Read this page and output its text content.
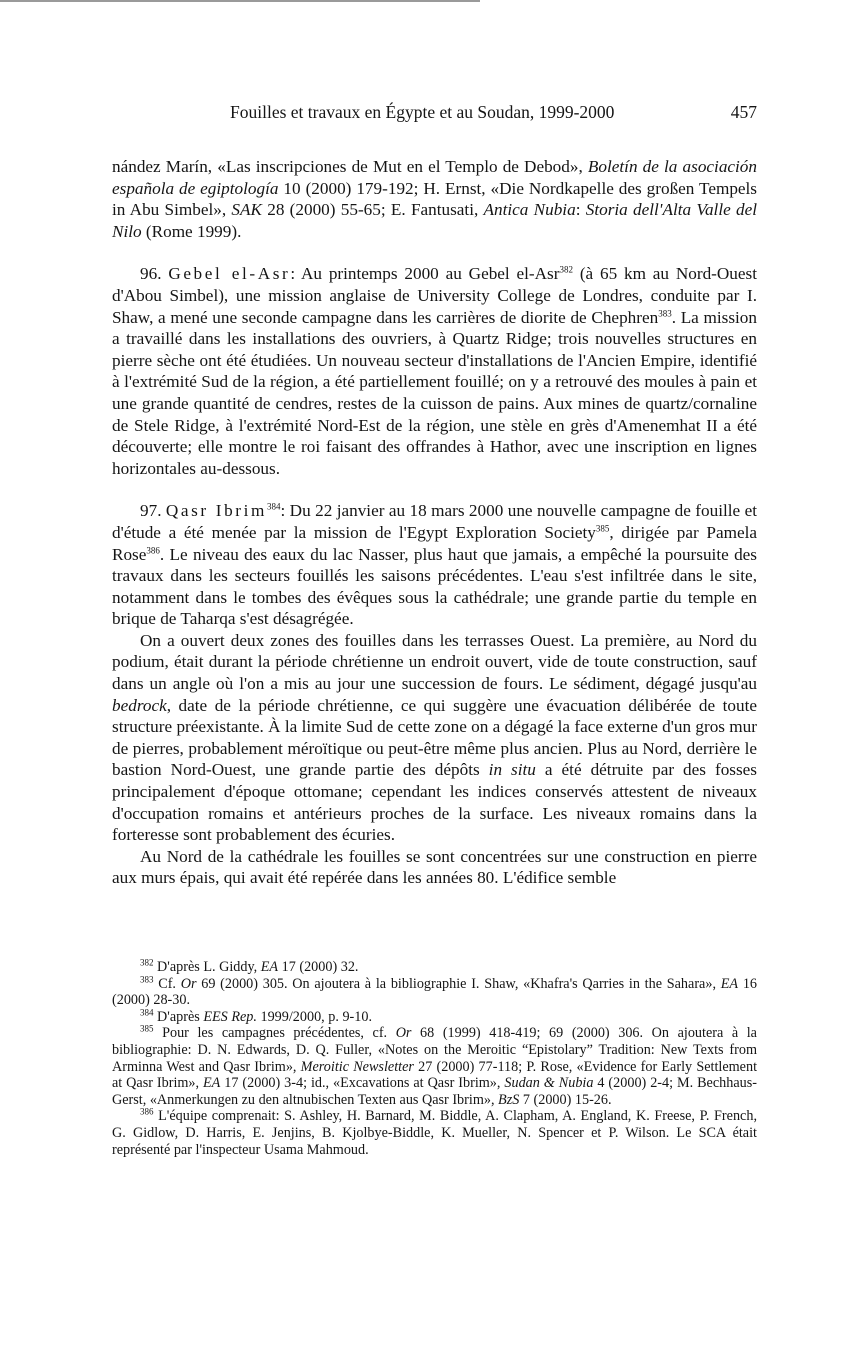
Fouilles et travaux en Égypte et au Soudan, 1999-2000	457

nández Marín, «Las inscripciones de Mut en el Templo de Debod», Boletín de la asociación española de egiptología 10 (2000) 179-192; H. Ernst, «Die Nordkapelle des großen Tempels in Abu Simbel», SAK 28 (2000) 55-65; E. Fantusati, Antica Nubia: Storia dell'Alta Valle del Nilo (Rome 1999).

96. Gebel el-Asr: Au printemps 2000 au Gebel el-Asr$^{382}$ (à 65 km au Nord-Ouest d'Abou Simbel), une mission anglaise de University College de Londres, conduite par I. Shaw, a mené une seconde campagne dans les carrières de diorite de Chephren$^{383}$. La mission a travaillé dans les installations des ouvriers, à Quartz Ridge; trois nouvelles structures en pierre sèche ont été étudiées. Un nouveau secteur d'installations de l'Ancien Empire, identifié à l'extrémité Sud de la région, a été partiellement fouillé; on y a retrouvé des moules à pain et une grande quantité de cendres, restes de la cuisson de pains. Aux mines de quartz/cornaline de Stele Ridge, à l'extrémité Nord-Est de la région, une stèle en grès d'Amenemhat II a été découverte; elle montre le roi faisant des offrandes à Hathor, avec une inscription en lignes horizontales au-dessous.

97. Qasr Ibrim$^{384}$: Du 22 janvier au 18 mars 2000 une nouvelle campagne de fouille et d'étude a été menée par la mission de l'Egypt Exploration Society$^{385}$, dirigée par Pamela Rose$^{386}$. Le niveau des eaux du lac Nasser, plus haut que jamais, a empêché la poursuite des travaux dans les secteurs fouillés les saisons précédentes. L'eau s'est infiltrée dans le site, notamment dans le tombes des évêques sous la cathédrale; une grande partie du temple en brique de Taharqa s'est désagrégée.

On a ouvert deux zones des fouilles dans les terrasses Ouest. La première, au Nord du podium, était durant la période chrétienne un endroit ouvert, vide de toute construction, sauf dans un angle où l'on a mis au jour une succession de fours. Le sédiment, dégagé jusqu'au bedrock, date de la période chrétienne, ce qui suggère une évacuation délibérée de toute structure préexistante. À la limite Sud de cette zone on a dégagé la face externe d'un gros mur de pierres, probablement méroïtique ou peut-être même plus ancien. Plus au Nord, derrière le bastion Nord-Ouest, une grande partie des dépôts in situ a été détruite par des fosses principalement d'époque ottomane; cependant les indices conservés attestent de niveaux d'occupation romains et antérieurs proches de la surface. Les niveaux romains dans la forteresse sont probablement des écuries.

Au Nord de la cathédrale les fouilles se sont concentrées sur une construction en pierre aux murs épais, qui avait été repérée dans les années 80. L'édifice semble

$^{382}$ D'après L. Giddy, EA 17 (2000) 32.

$^{383}$ Cf. Or 69 (2000) 305. On ajoutera à la bibliographie I. Shaw, «Khafra's Qarries in the Sahara», EA 16 (2000) 28-30.

$^{384}$ D'après EES Rep. 1999/2000, p. 9-10.

$^{385}$ Pour les campagnes précédentes, cf. Or 68 (1999) 418-419; 69 (2000) 306. On ajoutera à la bibliographie: D. N. Edwards, D. Q. Fuller, «Notes on the Meroitic “Epistolary” Tradition: New Texts from Arminna West and Qasr Ibrim», Meroitic Newsletter 27 (2000) 77-118; P. Rose, «Evidence for Early Settlement at Qasr Ibrim», EA 17 (2000) 3-4; id., «Excavations at Qasr Ibrim», Sudan & Nubia 4 (2000) 2-4; M. Bechhaus-Gerst, «Anmerkungen zu den altnubischen Texten aus Qasr Ibrim», BzS 7 (2000) 15-26.

$^{386}$ L'équipe comprenait: S. Ashley, H. Barnard, M. Biddle, A. Clapham, A. England, K. Freese, P. French, G. Gidlow, D. Harris, E. Jenjins, B. Kjolbye-Biddle, K. Mueller, N. Spencer et P. Wilson. Le SCA était représenté par l'inspecteur Usama Mahmoud.
